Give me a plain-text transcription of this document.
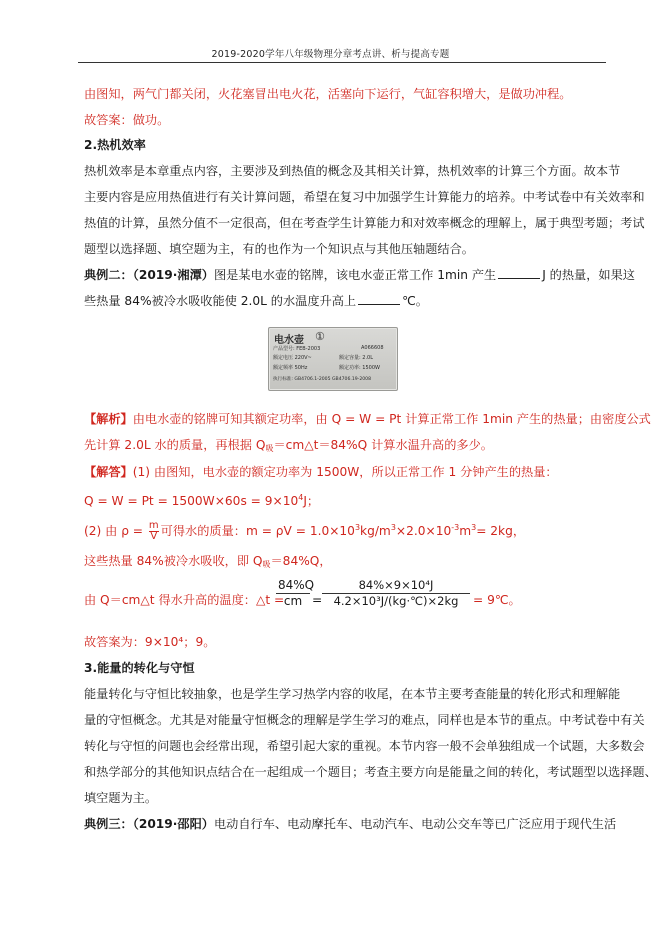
2019-2020学年八年级物理分章考点讲、析与提高专题
由图知，两气门都关闭，火花塞冒出电火花，活塞向下运行，气缸容积增大，是做功冲程。
故答案：做功。
2.热机效率
热机效率是本章重点内容，主要涉及到热值的概念及其相关计算，热机效率的计算三个方面。故本节
主要内容是应用热值进行有关计算问题，希望在复习中加强学生计算能力的培养。中考试卷中有关效率和
热值的计算，虽然分值不一定很高，但在考查学生计算能力和对效率概念的理解上，属于典型考题；考试
题型以选择题、填空题为主，有的也作为一个知识点与其他压轴题结合。
典例二：（2019·湘潭）图是某电水壶的铭牌，该电水壶正常工作 1min 产生	J 的热量，如果这
些热量 84%被冷水吸收能使 2.0L 的水温度升高上	℃。
电水壶 ①
产品型号: FEB-2003	A066608
额定电压 220V~	额定容量: 2.0L
额定频率 50Hz	额定功率: 1500W
执行标准: GB4706.1-2005 GB4706.19-2008
【解析】由电水壶的铭牌可知其额定功率，由 Q = W = Pt 计算正常工作 1min 产生的热量；由密度公式
先计算 2.0L 水的质量，再根据 $Q_吸=cm\triangle t=84\%Q$ 计算水温升高的多少。
【解答】(1) 由图知，电水壶的额定功率为 1500W，所以正常工作 1 分钟产生的热量：
$Q = W = Pt = 1500W\times 60s = 9\times 10^4J$；
(2) 由 $\rho = \frac{m}{V}$ 可得水的质量：$m = \rho V = 1.0\times 10^3kg/m^3\times 2.0\times 10^{-3}m^3= 2kg$，
这些热量 84%被冷水吸收，即 $Q_吸=84\%Q$，
由 Q＝cm△t 得水升高的温度：△t =
84%Q
cm =
84%×9×10⁴J
4.2×10³J/(kg·℃)×2kg	= 9℃。
故答案为：9×10⁴；9。
3.能量的转化与守恒
能量转化与守恒比较抽象，也是学生学习热学内容的收尾，在本节主要考查能量的转化形式和理解能
量的守恒概念。尤其是对能量守恒概念的理解是学生学习的难点，同样也是本节的重点。中考试卷中有关
转化与守恒的问题也会经常出现，希望引起大家的重视。本节内容一般不会单独组成一个试题，大多数会
和热学部分的其他知识点结合在一起组成一个题目；考查主要方向是能量之间的转化，考试题型以选择题、
填空题为主。
典例三：（2019·邵阳）电动自行车、电动摩托车、电动汽车、电动公交车等已广泛应用于现代生活
